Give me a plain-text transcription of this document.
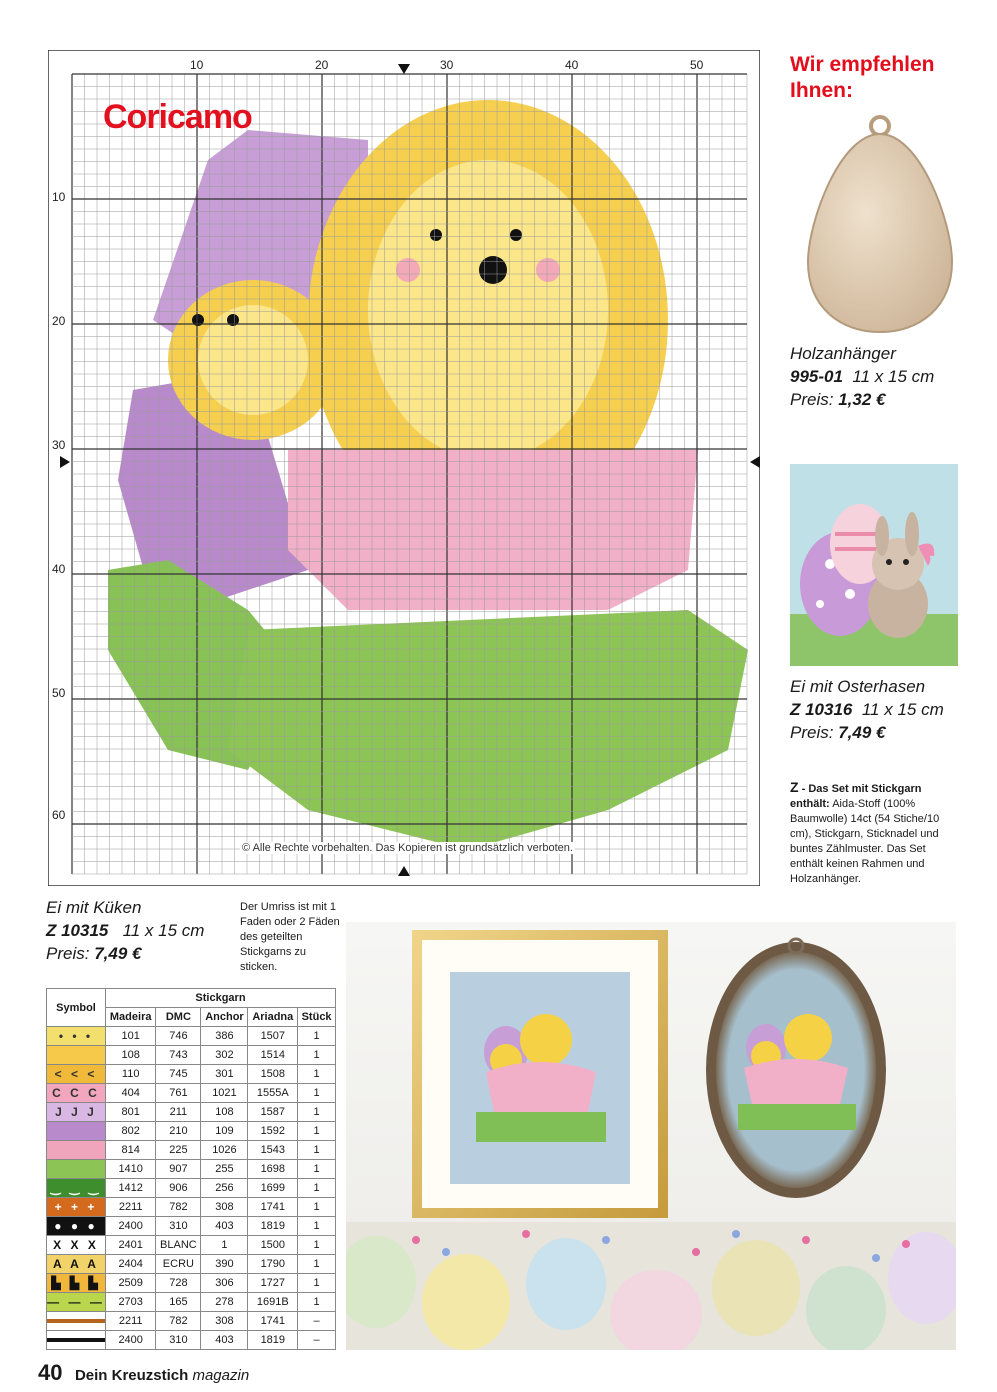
Coricamo
10	20	30	40	50
10
20
30
40
50
60
© Alle Rechte vorbehalten. Das Kopieren ist grundsätzlich verboten.
Wir empfehlen Ihnen:
Holzanhänger
995-01 11 x 15 cm
Preis: 1,32 €
Ei mit Osterhasen
Z 10316 11 x 15 cm
Preis: 7,49 €
Z - Das Set mit Stickgarn enthält: Aida-Stoff (100% Baumwolle) 14ct (54 Stiche/10 cm), Stickgarn, Sticknadel und buntes Zählmuster. Das Set enthält keinen Rahmen und Holzanhänger.
Ei mit Küken
Z 10315 11 x 15 cm
Preis: 7,49 €
Der Umriss ist mit 1 Faden oder 2 Fäden des geteilten Stickgarns zu sticken.
Symbol	Stickgarn				
	Madeira	DMC	Anchor	Ariadna	Stück

• • •	101	746	386	1507	1

	108	743	302	1514	1

< < <	110	745	301	1508	1

C C C	404	761	1021	1555A	1

J J J	801	211	108	1587	1

	802	210	109	1592	1

	814	225	1026	1543	1

	1410	907	255	1698	1

‿ ‿ ‿	1412	906	256	1699	1

+ + +	2211	782	308	1741	1

● ● ●	2400	310	403	1819	1

X X X	2401	BLANC	1	1500	1

A A A	2404	ECRU	390	1790	1

▙ ▙ ▙	2509	728	306	1727	1

— — —	2703	165	278	1691B	1

	2211	782	308	1741	–

	2400	310	403	1819	–
40 Dein Kreuzstich magazin
